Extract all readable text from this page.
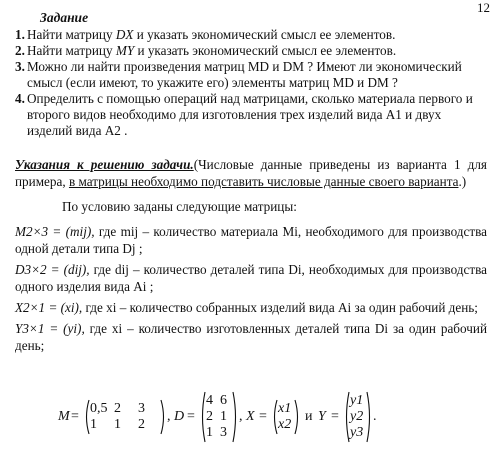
12
Задание
1. Найти матрицу DX и указать экономический смысл ее элементов.
2. Найти матрицу MY и указать экономический смысл ее элементов.
3. Можно ли найти произведения матриц MD и DM ? Имеют ли экономический смысл (если имеют, то укажите его) элементы матриц MD и DM ?
4. Определить с помощью операций над матрицами, сколько материала первого и второго видов необходимо для изготовления трех изделий вида A1 и двух изделий вида A2 .
Указания к решению задачи.(Числовые данные приведены из варианта 1 для примера, в матрицы необходимо подставить числовые данные своего варианта.)
По условию заданы следующие матрицы:
M2×3 = (mij), где mij – количество материала Mi, необходимого для производства одной детали типа Dj ;
D3×2 = (dij), где dij – количество деталей типа Di, необходимых для производства одного изделия вида Ai ;
X2×1 = (xi), где xi – количество собранных изделий вида Ai за один рабочий день;
Y3×1 = (yi), где xi – количество изготовленных деталей типа Di за один рабочий день;
M =
0,5 2 3
1 1 2
, D =
4 6
2 1
1 3
, X =
x1
x2
и Y =
y1
y2
y3
.
